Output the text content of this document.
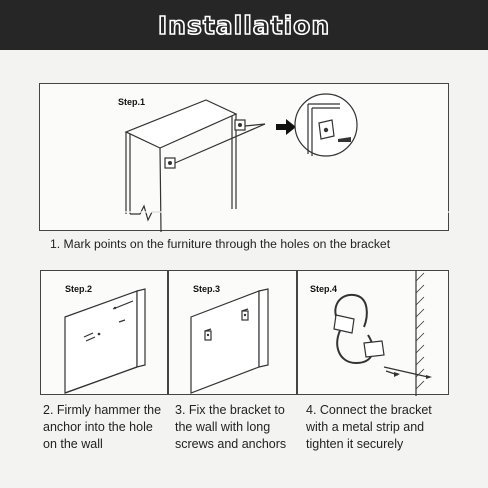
Installation
Step.1
1. Mark points on the furniture through the holes on the bracket
Step.2
2. Firmly hammer the anchor into the hole on the wall
Step.3
3. Fix the bracket to the wall with long screws and anchors
Step.4
4. Connect the bracket with a metal strip and tighten it securely
